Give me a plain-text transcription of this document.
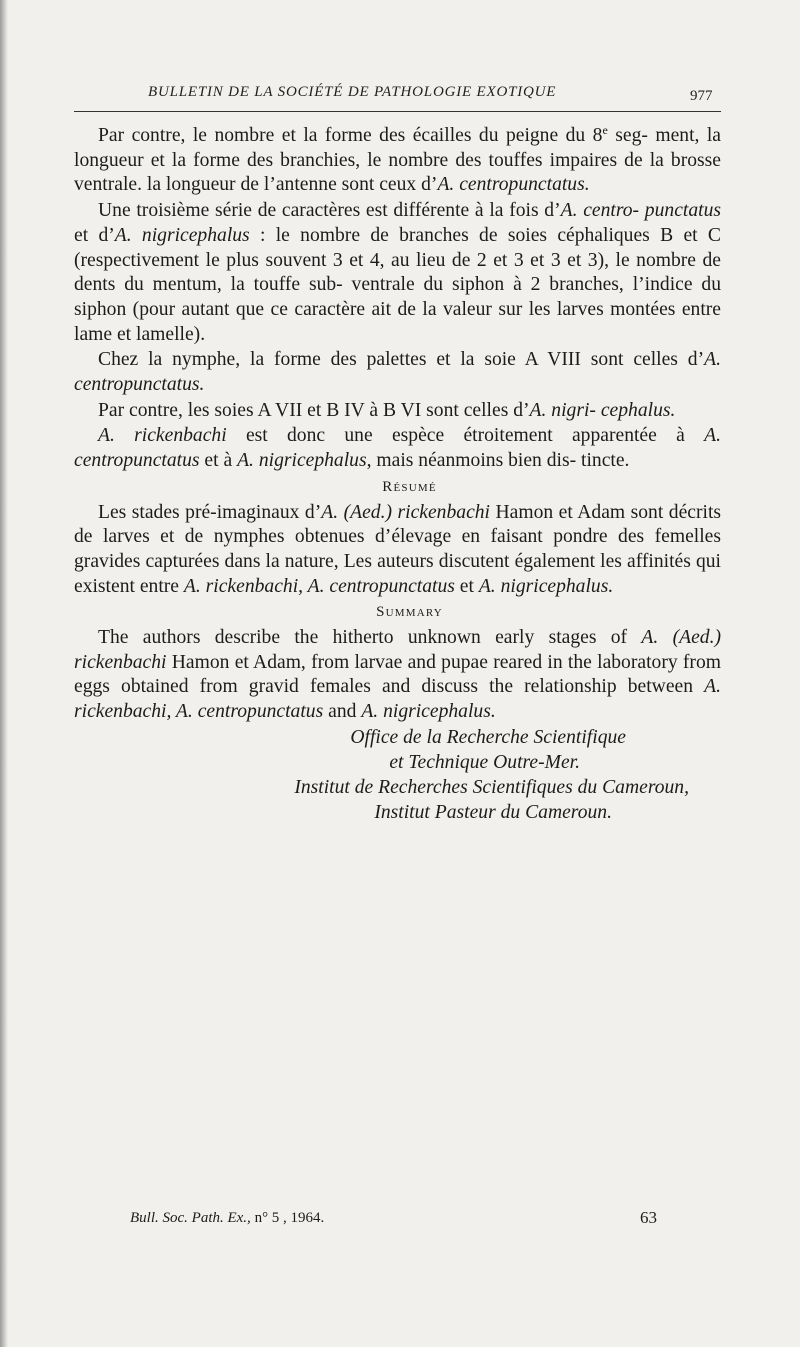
BULLETIN DE LA SOCIÉTÉ DE PATHOLOGIE EXOTIQUE	977

Par contre, le nombre et la forme des écailles du peigne du 8e seg- ment, la longueur et la forme des branchies, le nombre des touffes impaires de la brosse ventrale. la longueur de l’antenne sont ceux d’A. centropunctatus.

Une troisième série de caractères est différente à la fois d’A. centro- punctatus et d’A. nigricephalus : le nombre de branches de soies céphaliques B et C (respectivement le plus souvent 3 et 4, au lieu de 2 et 3 et 3 et 3), le nombre de dents du mentum, la touffe sub- ventrale du siphon à 2 branches, l’indice du siphon (pour autant que ce caractère ait de la valeur sur les larves montées entre lame et lamelle).

Chez la nymphe, la forme des palettes et la soie A VIII sont celles d’A. centropunctatus.

Par contre, les soies A VII et B IV à B VI sont celles d’A. nigri- cephalus.

A. rickenbachi est donc une espèce étroitement apparentée à A. centropunctatus et à A. nigricephalus, mais néanmoins bien dis- tincte.

Résumé

Les stades pré-imaginaux d’A. (Aed.) rickenbachi Hamon et Adam sont décrits de larves et de nymphes obtenues d’élevage en faisant pondre des femelles gravides capturées dans la nature, Les auteurs discutent également les affinités qui existent entre A. rickenbachi, A. centropunctatus et A. nigricephalus.

Summary

The authors describe the hitherto unknown early stages of A. (Aed.) rickenbachi Hamon et Adam, from larvae and pupae reared in the laboratory from eggs obtained from gravid females and discuss the relationship between A. rickenbachi, A. centropunctatus and A. nigricephalus.

Office de la Recherche Scientifique

et Technique Outre-Mer.

Institut de Recherches Scientifiques du Cameroun,

Institut Pasteur du Cameroun.

Bull. Soc. Path. Ex., n° 5 , 1964.	63
